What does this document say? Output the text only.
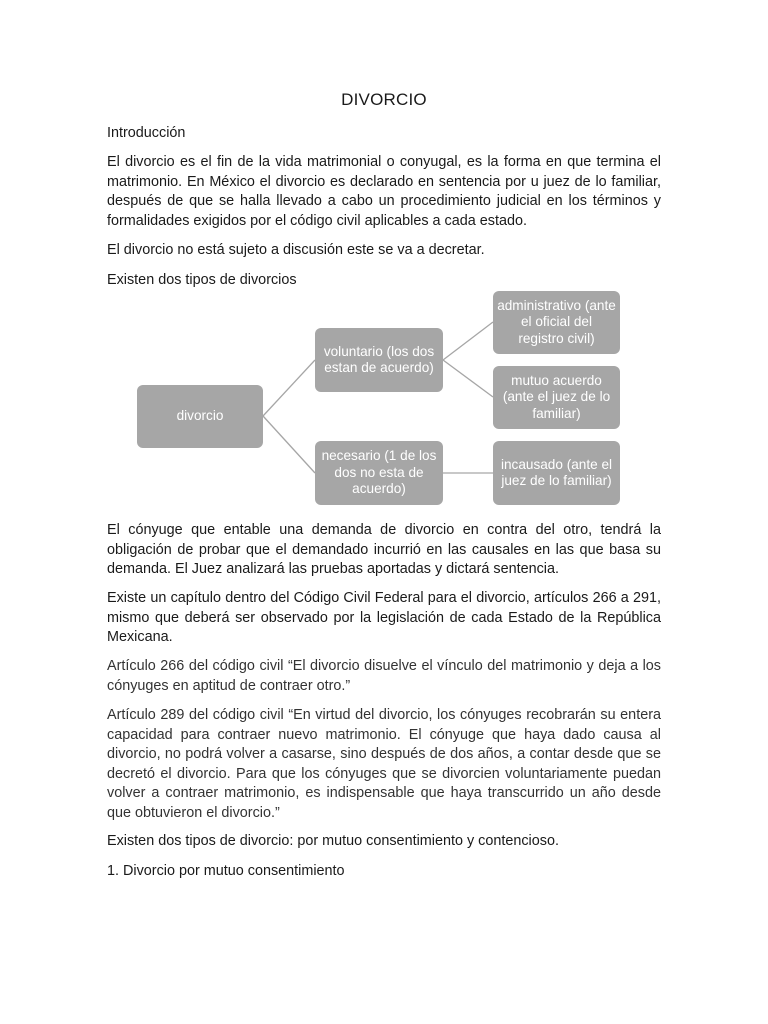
DIVORCIO

Introducción

El divorcio es el fin de la vida matrimonial o conyugal, es la forma en que termina el matrimonio. En México el divorcio es declarado en sentencia por u juez de lo familiar, después de que se halla llevado a cabo un procedimiento judicial en los términos y formalidades exigidos por el código civil aplicables a cada estado.

El divorcio no está sujeto a discusión este se va a decretar.

Existen dos tipos de divorcios

El cónyuge que entable una demanda de divorcio en contra del otro, tendrá la obligación de probar que el demandado incurrió en las causales en las que basa su demanda. El Juez analizará las pruebas aportadas y dictará sentencia.

Existe un capítulo dentro del Código Civil Federal para el divorcio, artículos 266 a 291, mismo que deberá ser observado por la legislación de cada Estado de la República Mexicana.

Artículo 266 del código civil “El divorcio disuelve el vínculo del matrimonio y deja a los cónyuges en aptitud de contraer otro.”

Artículo 289 del código civil “En virtud del divorcio, los cónyuges recobrarán su entera capacidad para contraer nuevo matrimonio. El cónyuge que haya dado causa al divorcio, no podrá volver a casarse, sino después de dos años, a contar desde que se decretó el divorcio. Para que los cónyuges que se divorcien voluntariamente puedan volver a contraer matrimonio, es indispensable que haya transcurrido un año desde que obtuvieron el divorcio.”

Existen dos tipos de divorcio: por mutuo consentimiento y contencioso.

1. Divorcio por mutuo consentimiento

divorcio
voluntario (los dos estan de acuerdo)
necesario (1 de los dos no esta de acuerdo)
administrativo (ante el oficial del registro civil)
mutuo acuerdo (ante el juez de lo familiar)
incausado (ante el juez de lo familiar)
